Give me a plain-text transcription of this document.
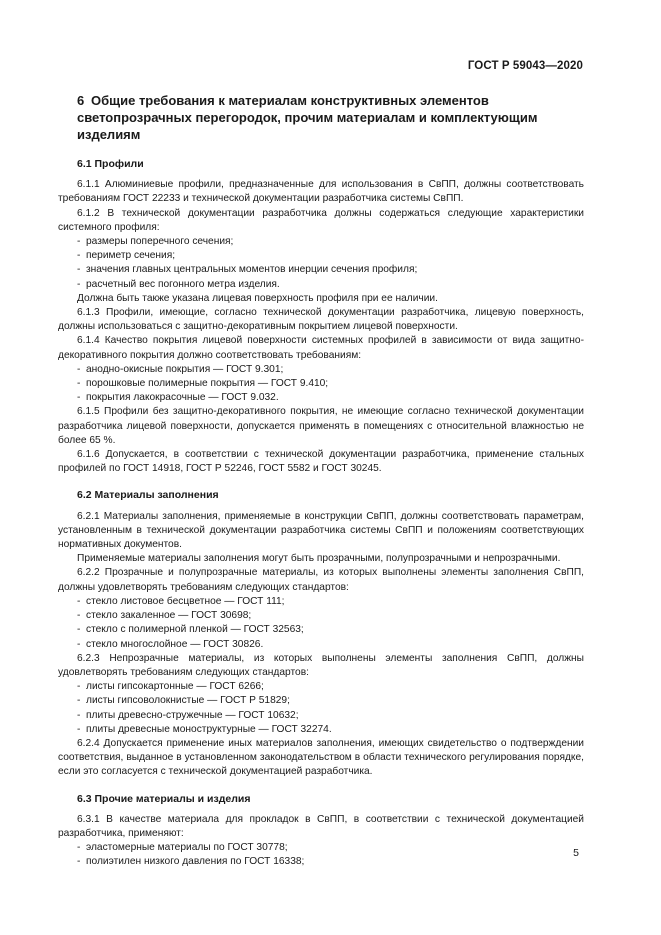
ГОСТ Р 59043—2020
6 Общие требования к материалам конструктивных элементов светопрозрачных перегородок, прочим материалам и комплектующим изделиям
6.1 Профили

6.1.1 Алюминиевые профили, предназначенные для использования в СвПП, должны соответствовать требованиям ГОСТ 22233 и технической документации разработчика системы СвПП.

6.1.2 В технической документации разработчика должны содержаться следующие характеристики системного профиля:

- размеры поперечного сечения;
- периметр сечения;
- значения главных центральных моментов инерции сечения профиля;
- расчетный вес погонного метра изделия.

Должна быть также указана лицевая поверхность профиля при ее наличии.

6.1.3 Профили, имеющие, согласно технической документации разработчика, лицевую поверхность, должны использоваться с защитно-декоративным покрытием лицевой поверхности.

6.1.4 Качество покрытия лицевой поверхности системных профилей в зависимости от вида защитно-декоративного покрытия должно соответствовать требованиям:

- анодно-окисные покрытия — ГОСТ 9.301;
- порошковые полимерные покрытия — ГОСТ 9.410;
- покрытия лакокрасочные — ГОСТ 9.032.

6.1.5 Профили без защитно-декоративного покрытия, не имеющие согласно технической документации разработчика лицевой поверхности, допускается применять в помещениях с относительной влажностью не более 65 %.

6.1.6 Допускается, в соответствии с технической документации разработчика, применение стальных профилей по ГОСТ 14918, ГОСТ Р 52246, ГОСТ 5582 и ГОСТ 30245.

6.2 Материалы заполнения

6.2.1 Материалы заполнения, применяемые в конструкции СвПП, должны соответствовать параметрам, установленным в технической документации разработчика системы СвПП и положениям соответствующих нормативных документов.

Применяемые материалы заполнения могут быть прозрачными, полупрозрачными и непрозрачными.

6.2.2 Прозрачные и полупрозрачные материалы, из которых выполнены элементы заполнения СвПП, должны удовлетворять требованиям следующих стандартов:

- стекло листовое бесцветное — ГОСТ 111;
- стекло закаленное — ГОСТ 30698;
- стекло с полимерной пленкой — ГОСТ 32563;
- стекло многослойное — ГОСТ 30826.

6.2.3 Непрозрачные материалы, из которых выполнены элементы заполнения СвПП, должны удовлетворять требованиям следующих стандартов:

- листы гипсокартонные — ГОСТ 6266;
- листы гипсоволокнистые — ГОСТ Р 51829;
- плиты древесно-стружечные — ГОСТ 10632;
- плиты древесные моноструктурные — ГОСТ 32274.

6.2.4 Допускается применение иных материалов заполнения, имеющих свидетельство о подтверждении соответствия, выданное в установленном законодательством в области технического регулирования порядке, если это согласуется с технической документацией разработчика.

6.3 Прочие материалы и изделия

6.3.1 В качестве материала для прокладок в СвПП, в соответствии с технической документацией разработчика, применяют:

- эластомерные материалы по ГОСТ 30778;
- полиэтилен низкого давления по ГОСТ 16338;
5
